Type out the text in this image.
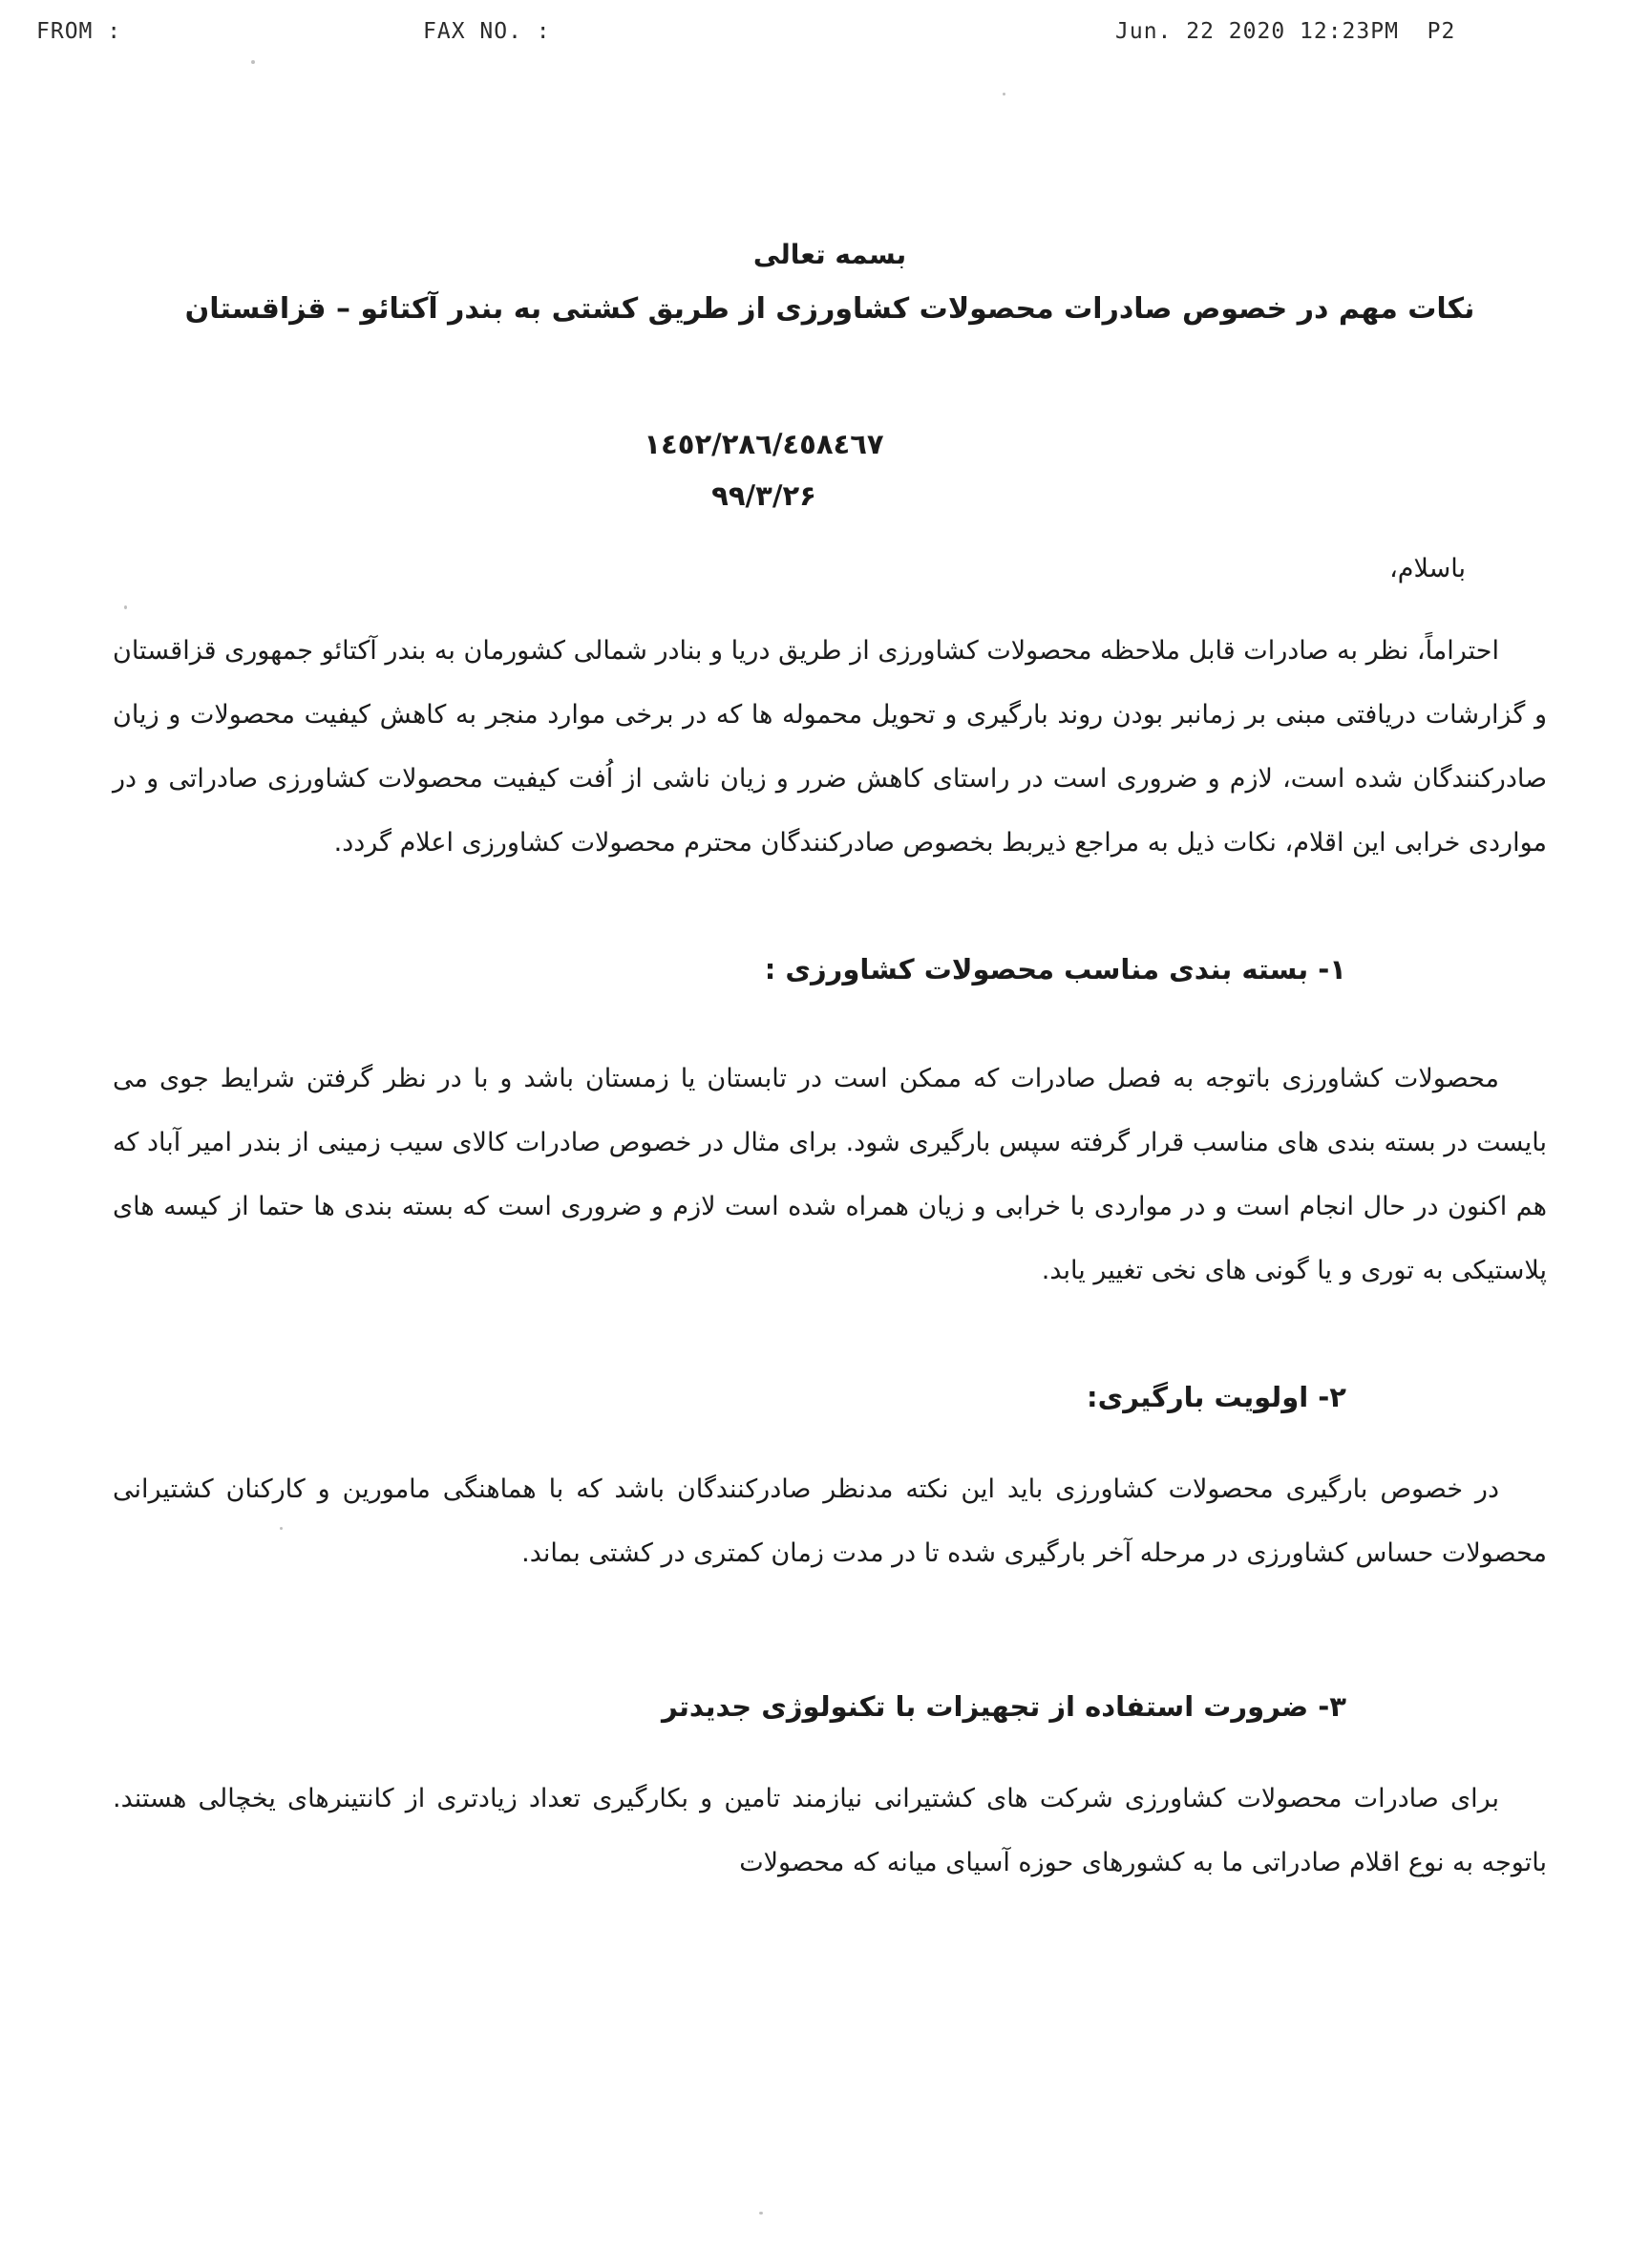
FROM :

	FAX NO. :

	Jun. 22 2020 12:23PM  P2

بسمه تعالی
نکات مهم در خصوص صادرات محصولات کشاورزی از طریق کشتی به بندر آکتائو – قزاقستان
١٤٥٢/٢٨٦/٤٥٨٤٦٧
۹۹/۳/۲۶
باسلام،
احتراماً، نظر به صادرات قابل ملاحظه محصولات کشاورزی از طریق دریا و بنادر شمالی کشورمان به بندر آکتائو جمهوری قزاقستان و گزارشات دریافتی مبنی بر زمانبر بودن روند بارگیری و تحویل محموله ها که در برخی موارد منجر به کاهش کیفیت محصولات و زیان صادرکنندگان شده است، لازم و ضروری است در راستای کاهش ضرر و زیان ناشی از اُفت کیفیت محصولات کشاورزی صادراتی و در مواردی خرابی این اقلام، نکات ذیل به مراجع ذیربط بخصوص صادرکنندگان محترم محصولات کشاورزی اعلام گردد.
۱- بسته بندی مناسب محصولات کشاورزی :
محصولات کشاورزی باتوجه به فصل صادرات که ممکن است در تابستان یا زمستان باشد و با در نظر گرفتن شرایط جوی می بایست در بسته بندی های مناسب قرار گرفته سپس بارگیری شود. برای مثال در خصوص صادرات کالای سیب زمینی از بندر امیر آباد که هم اکنون در حال انجام است و در مواردی با خرابی و زیان همراه شده است لازم و ضروری است که بسته بندی ها حتما از کیسه های پلاستیکی به توری و یا گونی های نخی تغییر یابد.
۲- اولویت بارگیری:
در خصوص بارگیری محصولات کشاورزی باید این نکته مدنظر صادرکنندگان باشد که با هماهنگی مامورین و کارکنان کشتیرانی محصولات حساس کشاورزی در مرحله آخر بارگیری شده تا در مدت زمان کمتری در کشتی بماند.
۳- ضرورت استفاده از تجهیزات با تکنولوژی جدیدتر
برای صادرات محصولات کشاورزی شرکت های کشتیرانی نیازمند تامین و بکارگیری تعداد زیادتری از کانتینرهای یخچالی هستند. باتوجه به نوع اقلام صادراتی ما به کشورهای حوزه آسیای میانه که محصولات
